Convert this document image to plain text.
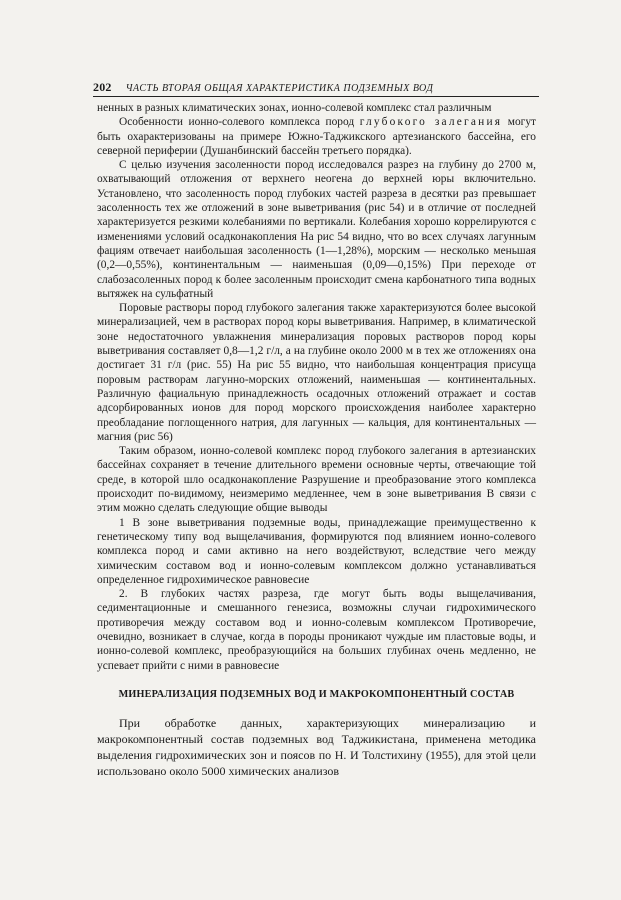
202 ЧАСТЬ ВТОРАЯ ОБЩАЯ ХАРАКТЕРИСТИКА ПОДЗЕМНЫХ ВОД

ненных в разных климатических зонах, ионно-солевой комплекс стал различным

Особенности ионно-солевого комплекса пород глубокого залегания могут быть охарактеризованы на примере Южно-Таджикского артезианского бассейна, его северной периферии (Душанбинский бассейн третьего порядка).

С целью изучения засоленности пород исследовался разрез на глубину до 2700 м, охватывающий отложения от верхнего неогена до верхней юры включительно. Установлено, что засоленность пород глубоких частей разреза в десятки раз превышает засоленность тех же отложений в зоне выветривания (рис 54) и в отличие от последней характеризуется резкими колебаниями по вертикали. Колебания хорошо коррелируются с изменениями условий осадконакопления На рис 54 видно, что во всех случаях лагунным фациям отвечает наибольшая засоленность (1—1,28%), морским — несколько меньшая (0,2—0,55%), континентальным — наименьшая (0,09—0,15%) При переходе от слабозасоленных пород к более засоленным происходит смена карбонатного типа водных вытяжек на сульфатный

Поровые растворы пород глубокого залегания также характеризуются более высокой минерализацией, чем в растворах пород коры выветривания. Например, в климатической зоне недостаточного увлажнения минерализация поровых растворов пород коры выветривания составляет 0,8—1,2 г/л, а на глубине около 2000 м в тех же отложениях она достигает 31 г/л (рис. 55) На рис 55 видно, что наибольшая концентрация присуща поровым растворам лагунно-морских отложений, наименьшая — континентальных. Различную фациальную принадлежность осадочных отложений отражает и состав адсорбированных ионов для пород морского происхождения наиболее характерно преобладание поглощенного натрия, для лагунных — кальция, для континентальных — магния (рис 56)

Таким образом, ионно-солевой комплекс пород глубокого залегания в артезианских бассейнах сохраняет в течение длительного времени основные черты, отвечающие той среде, в которой шло осадконакопление Разрушение и преобразование этого комплекса происходит по-видимому, неизмеримо медленнее, чем в зоне выветривания В связи с этим можно сделать следующие общие выводы

1 В зоне выветривания подземные воды, принадлежащие преимущественно к генетическому типу вод выщелачивания, формируются под влиянием ионно-солевого комплекса пород и сами активно на него воздействуют, вследствие чего между химическим составом вод и ионно-солевым комплексом должно устанавливаться определенное гидрохимическое равновесие

2. В глубоких частях разреза, где могут быть воды выщелачивания, седиментационные и смешанного генезиса, возможны случаи гидрохимического противоречия между составом вод и ионно-солевым комплексом Противоречие, очевидно, возникает в случае, когда в породы проникают чуждые им пластовые воды, и ионно-солевой комплекс, преобразующийся на больших глубинах очень медленно, не успевает прийти с ними в равновесие

МИНЕРАЛИЗАЦИЯ ПОДЗЕМНЫХ ВОД И МАКРОКОМПОНЕНТНЫЙ СОСТАВ

При обработке данных, характеризующих минерализацию и макрокомпонентный состав подземных вод Таджикистана, применена методика выделения гидрохимических зон и поясов по Н. И Толстихину (1955), для этой цели использовано около 5000 химических анализов
